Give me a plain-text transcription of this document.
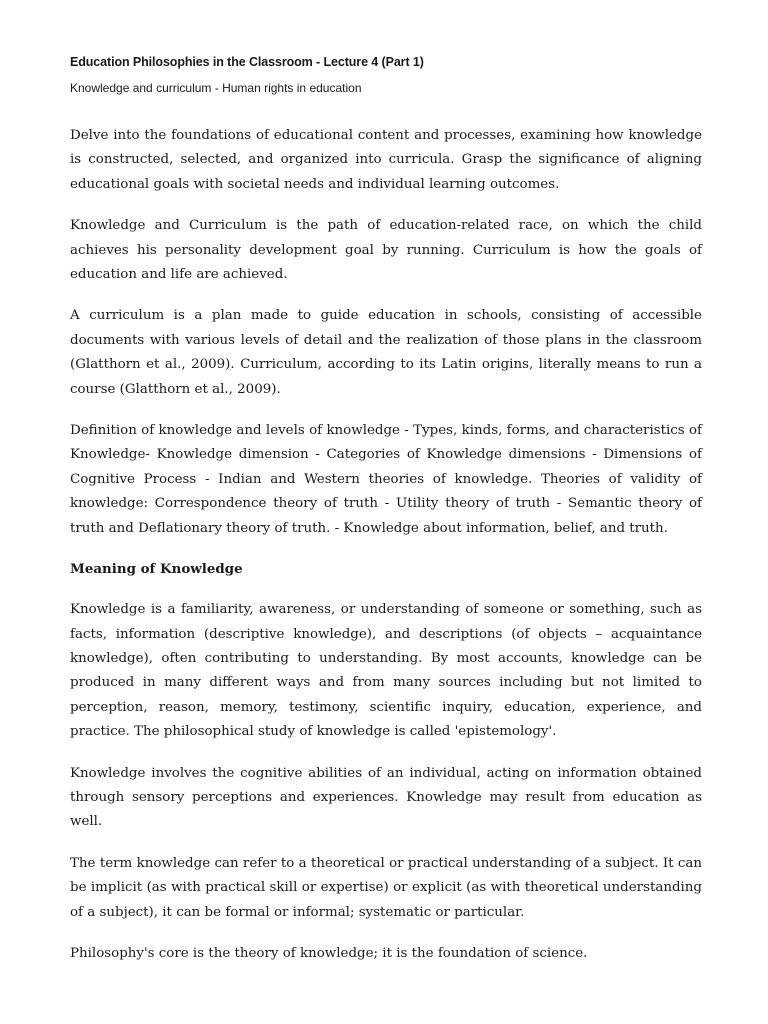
Education Philosophies in the Classroom - Lecture 4 (Part 1)
Knowledge and curriculum - Human rights in education

Delve into the foundations of educational content and processes, examining how knowledge is constructed, selected, and organized into curricula. Grasp the significance of aligning educational goals with societal needs and individual learning outcomes.

Knowledge and Curriculum is the path of education-related race, on which the child achieves his personality development goal by running. Curriculum is how the goals of education and life are achieved.

A curriculum is a plan made to guide education in schools, consisting of accessible documents with various levels of detail and the realization of those plans in the classroom (Glatthorn et al., 2009). Curriculum, according to its Latin origins, literally means to run a course (Glatthorn et al., 2009).

Definition of knowledge and levels of knowledge - Types, kinds, forms, and characteristics of Knowledge- Knowledge dimension - Categories of Knowledge dimensions - Dimensions of Cognitive Process - Indian and Western theories of knowledge. Theories of validity of knowledge: Correspondence theory of truth - Utility theory of truth - Semantic theory of truth and Deflationary theory of truth. - Knowledge about information, belief, and truth.

Meaning of Knowledge

Knowledge is a familiarity, awareness, or understanding of someone or something, such as facts, information (descriptive knowledge), and descriptions (of objects – acquaintance knowledge), often contributing to understanding. By most accounts, knowledge can be produced in many different ways and from many sources including but not limited to perception, reason, memory, testimony, scientific inquiry, education, experience, and practice. The philosophical study of knowledge is called 'epistemology'.

Knowledge involves the cognitive abilities of an individual, acting on information obtained through sensory perceptions and experiences. Knowledge may result from education as well.

The term knowledge can refer to a theoretical or practical understanding of a subject. It can be implicit (as with practical skill or expertise) or explicit (as with theoretical understanding of a subject), it can be formal or informal; systematic or particular.

Philosophy's core is the theory of knowledge; it is the foundation of science.
